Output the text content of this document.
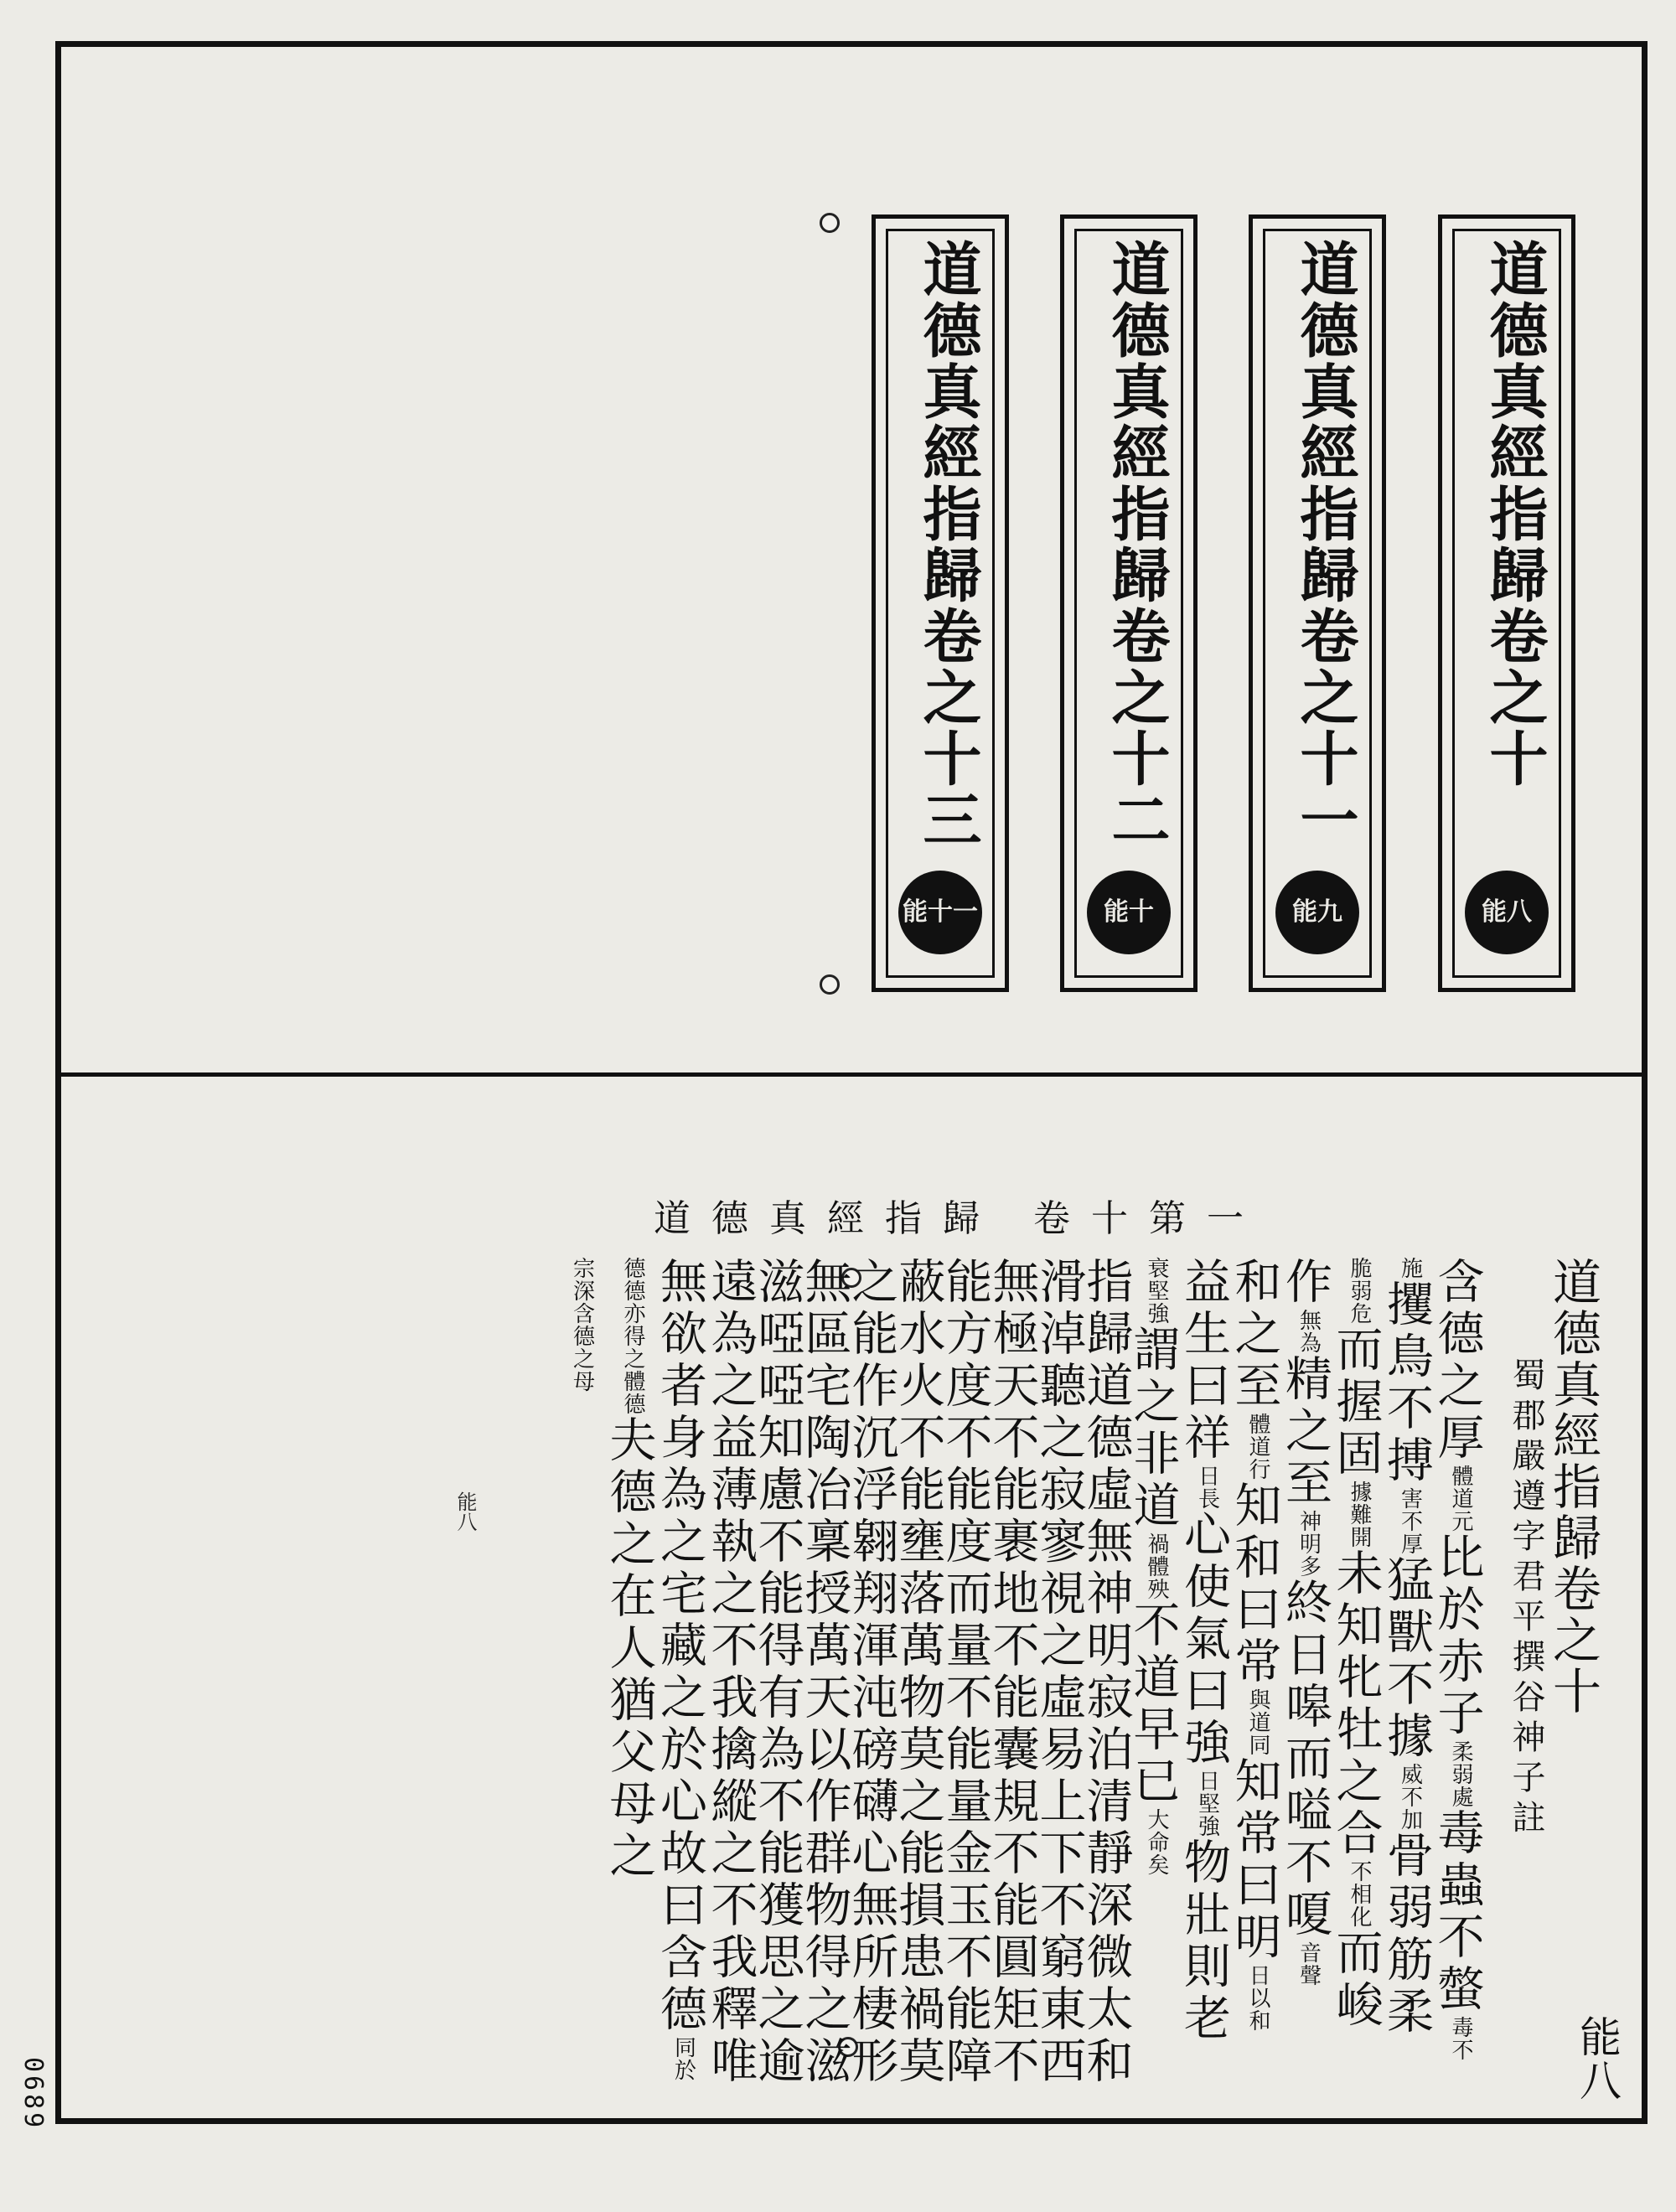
道德真經指歸卷之十
能八
道德真經指歸卷之十一
能九
道德真經指歸卷之十二
能十
道德真經指歸卷之十三
能十一
道德真經指歸 卷十第一
道德真經指歸卷之十
蜀郡嚴遵字君平撰谷神子註
含德之厚體道元比於赤子柔弱處毒蟲不螫毒不
施攫鳥不搏害不厚猛獸不據威不加骨弱筋柔
脆弱危而握固據難開未知牝牡之合不相化而峻
作無為精之至神明多終日嗥而嗌不嗄音聲
和之至體道行知和曰常與道同知常曰明日以和
益生曰祥日長心使氣曰強日堅強物壯則老
衰堅強謂之非道禍體殃不道早已大命矣
指歸道德虛無神明寂泊清靜深微太和
滑淖聽之寂寥視之虛易上下不窮東西
無極天不能裹地不能囊規不能圓矩不
能方度不能度而量不能量金玉不能障
蔽水火不能壅落萬物莫之能損患禍莫
之能作沉浮翱翔渾沌磅礴心無所棲形
無區宅陶冶稟授萬天以作群物得之滋
滋啞啞知慮不能得有為不能獲思之逾
遠為之益薄執之不我擒縱之不我釋唯
無欲者身為之宅藏之於心故曰含德同於
德德亦得之體德夫德之在人猶父母之
宗深含德之母
能八
能八
0689
